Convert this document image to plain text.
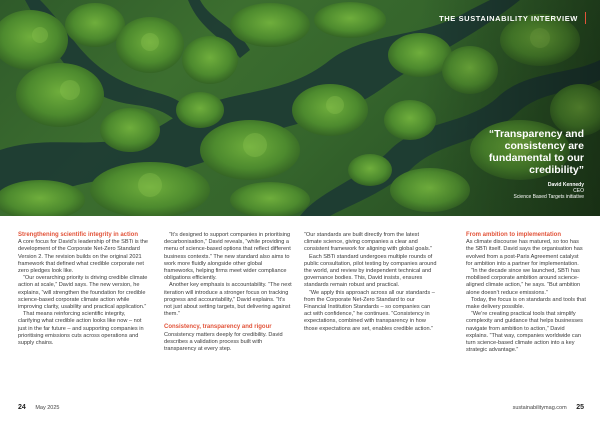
THE SUSTAINABILITY INTERVIEW
“Transparency and consistency are fundamental to our credibility”
David Kennedy
CEO
Science Based Targets initiative

Strengthening scientific integrity in action

A core focus for David’s leadership of the SBTi is the development of the Corporate Net-Zero Standard Version 2. The revision builds on the original 2021 framework that defined what credible corporate net zero pledges look like.

“Our overarching priority is driving credible climate action at scale,” David says. The new version, he explains, “will strengthen the foundation for credible science-based corporate climate action while improving clarity, usability and practical application.”

That means reinforcing scientific integrity, clarifying what credible action looks like now – not just in the far future – and supporting companies in prioritising emissions cuts across operations and supply chains.

“It’s designed to support companies in prioritising decarbonisation,” David reveals, “while providing a menu of science-based options that reflect different business contexts.” The new standard also aims to work more fluidly alongside other global frameworks, helping firms meet wider compliance obligations efficiently.

Another key emphasis is accountability. “The next iteration will introduce a stronger focus on tracking progress and accountability,” David explains. “It’s not just about setting targets, but delivering against them.”

Consistency, transparency and rigour

Consistency matters deeply for credibility. David describes a validation process built with transparency at every step.

“Our standards are built directly from the latest climate science, giving companies a clear and consistent framework for aligning with global goals.”

Each SBTi standard undergoes multiple rounds of public consultation, pilot testing by companies around the world, and review by independent technical and governance bodies. This, David insists, ensures standards remain robust and practical.

“We apply this approach across all our standards – from the Corporate Net-Zero Standard to our Financial Institution Standards – so companies can act with confidence,” he continues. “Consistency in expectations, combined with transparency in how those expectations are set, enables credible action.”

From ambition to implementation

As climate discourse has matured, so too has the SBTi itself. David says the organisation has evolved from a post-Paris Agreement catalyst for ambition into a partner for implementation.

“In the decade since we launched, SBTi has mobilised corporate ambition around science-aligned climate action,” he says. “But ambition alone doesn’t reduce emissions.”

Today, the focus is on standards and tools that make delivery possible.

“We’re creating practical tools that simplify complexity and guidance that helps businesses navigate from ambition to action,” David explains. “That way, companies worldwide can turn science-based climate action into a key strategic advantage.”

24 May 2025	sustainabilitymag.com 25
